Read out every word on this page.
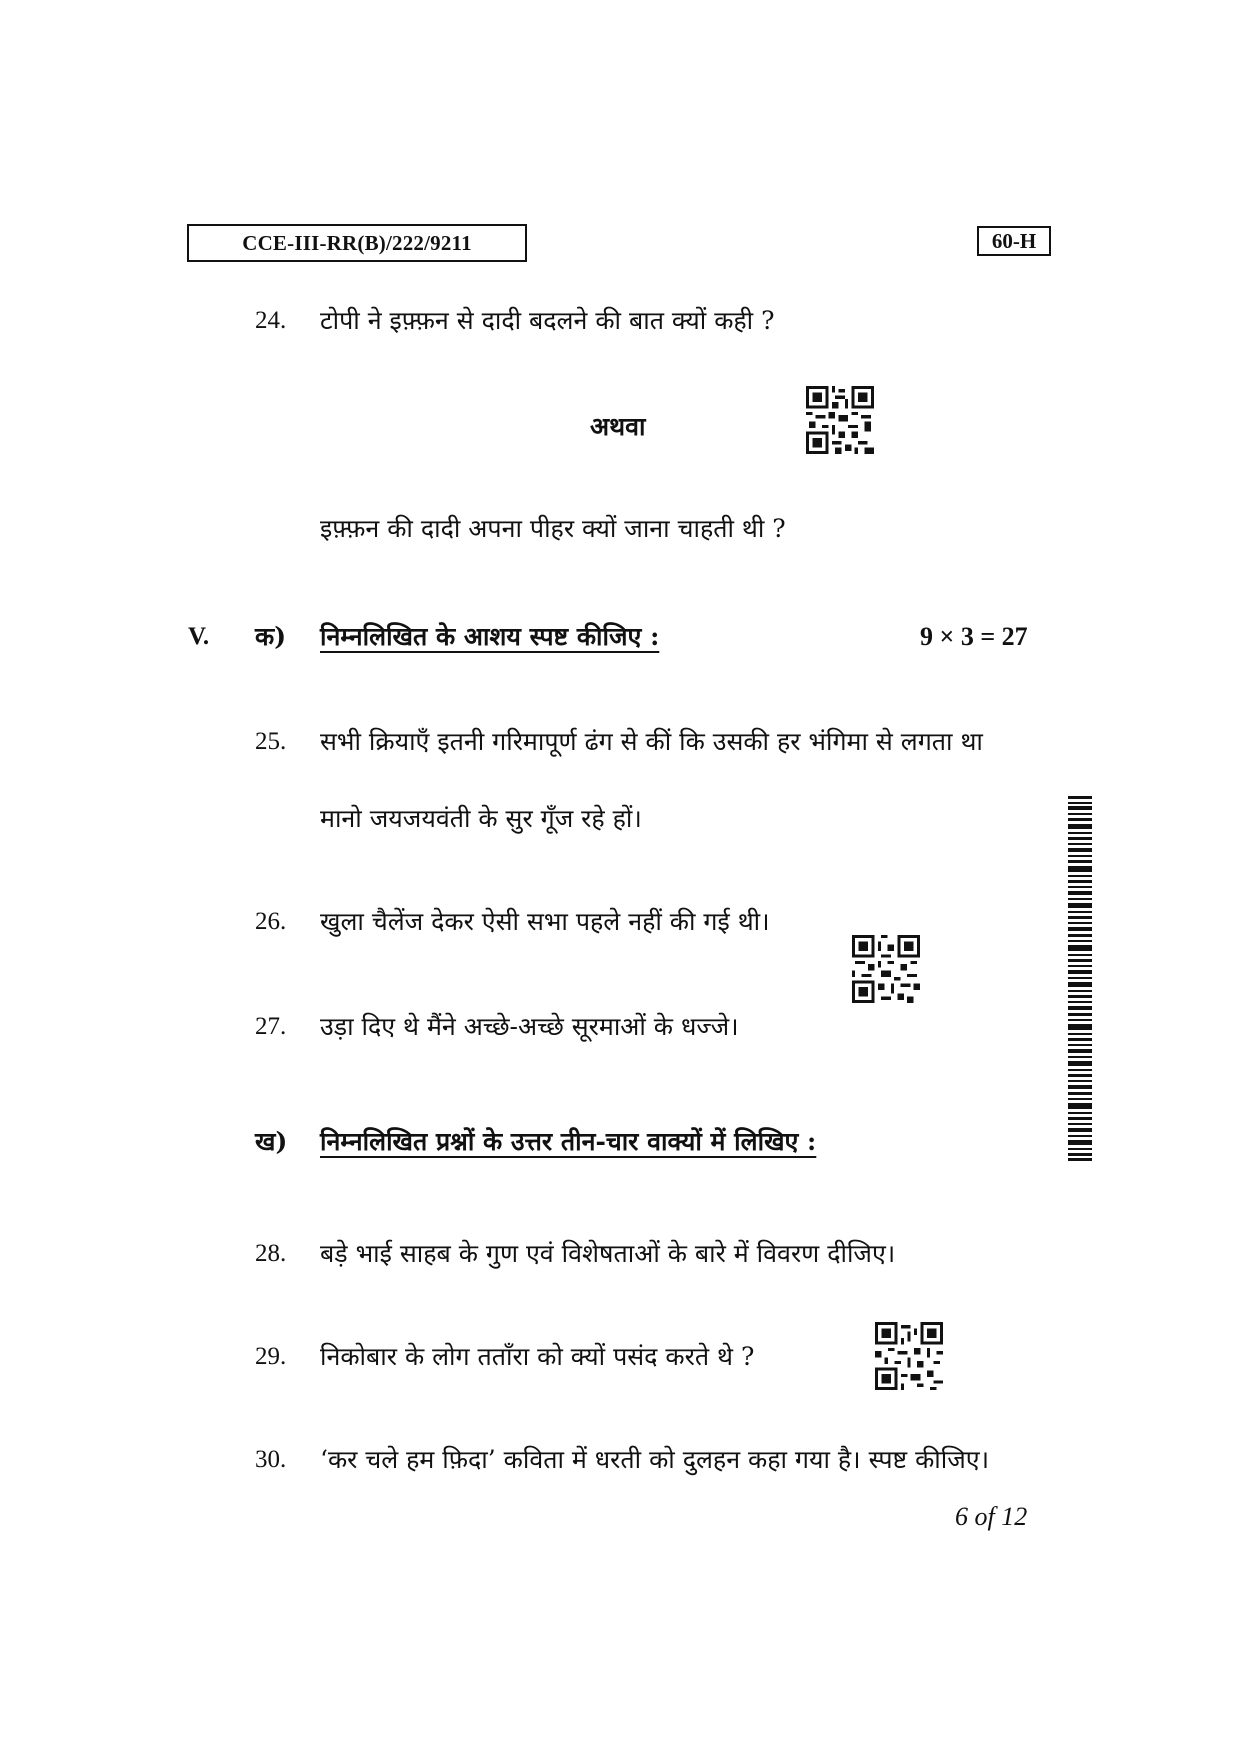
CCE-III-RR(B)/222/9211	60-H
24. टोपी ने इफ़्फ़न से दादी बदलने की बात क्यों कही ?
अथवा
इफ़्फ़न की दादी अपना पीहर क्यों जाना चाहती थी ?
V. क) निम्नलिखित के आशय स्पष्ट कीजिए :	9 × 3 = 27
25. सभी क्रियाएँ इतनी गरिमापूर्ण ढंग से कीं कि उसकी हर भंगिमा से लगता था
मानो जयजयवंती के सुर गूँज रहे हों।
26. खुला चैलेंज देकर ऐसी सभा पहले नहीं की गई थी।
27. उड़ा दिए थे मैंने अच्छे-अच्छे सूरमाओं के धज्जे।
ख) निम्नलिखित प्रश्नों के उत्तर तीन-चार वाक्यों में लिखिए :
28. बड़े भाई साहब के गुण एवं विशेषताओं के बारे में विवरण दीजिए।
29. निकोबार के लोग तताँरा को क्यों पसंद करते थे ?
30. ‘कर चले हम फ़िदा’ कविता में धरती को दुलहन कहा गया है। स्पष्ट कीजिए।
6 of 12
